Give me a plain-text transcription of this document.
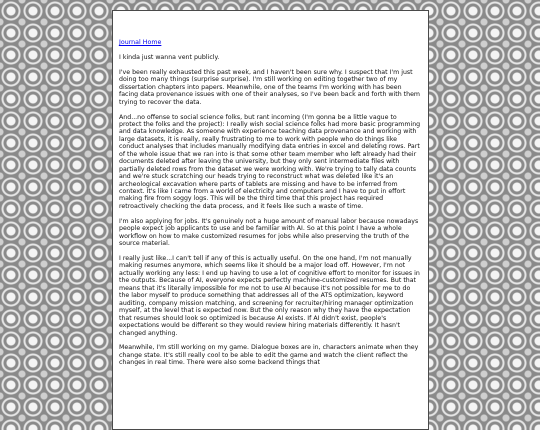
Journal Home

I kinda just wanna vent publicly.

I've been really exhausted this past week, and I haven't been sure why. I suspect that I'm just doing too many things (surprise surprise). I'm still working on editing together two of my dissertation chapters into papers. Meanwhile, one of the teams I'm working with has been facing data provenance issues with one of their analyses, so I've been back and forth with them trying to recover the data.

And...no offense to social science folks, but rant incoming (I'm gonna be a little vague to protect the folks and the project): I really wish social science folks had more basic programming and data knowledge. As someone with experience teaching data provenance and working with large datasets, it is really, really frustrating to me to work with people who do things like conduct analyses that includes manually modifying data entries in excel and deleting rows. Part of the whole issue that we ran into is that some other team member who left already had their documents deleted after leaving the university, but they only sent intermediate files with partially deleted rows from the dataset we were working with. We're trying to tally data counts and we're stuck scratching our heads trying to reconstruct what was deleted like it's an archeological excavation where parts of tablets are missing and have to be inferred from context. It's like I came from a world of electricity and computers and I have to put in effort making fire from soggy logs. This will be the third time that this project has required retroactively checking the data process, and it feels like such a waste of time.

I'm also applying for jobs. It's genuinely not a huge amount of manual labor because nowadays people expect job applicants to use and be familiar with AI. So at this point I have a whole workflow on how to make customized resumes for jobs while also preserving the truth of the source material.

I really just like...I can't tell if any of this is actually useful. On the one hand, I'm not manually making resumes anymore, which seems like it should be a major load off. However, I'm not actually working any less: I end up having to use a lot of cognitive effort to monitor for issues in the outputs. Because of AI, everyone expects perfectly machine-customized resumes. But that means that it's literally impossible for me not to use AI because it's not possible for me to do the labor myself to produce something that addresses all of the ATS optimization, keyword auditing, company mission matching, and screening for recruiter/hiring manager optimization myself, at the level that is expected now. But the only reason why they have the expectation that resumes should look so optimized is because AI exists. If AI didn't exist, people's expectations would be different so they would review hiring materials differently. It hasn't changed anything.

Meanwhile, I'm still working on my game. Dialogue boxes are in, characters animate when they change state. It's still really cool to be able to edit the game and watch the client reflect the changes in real time. There were also some backend things that
